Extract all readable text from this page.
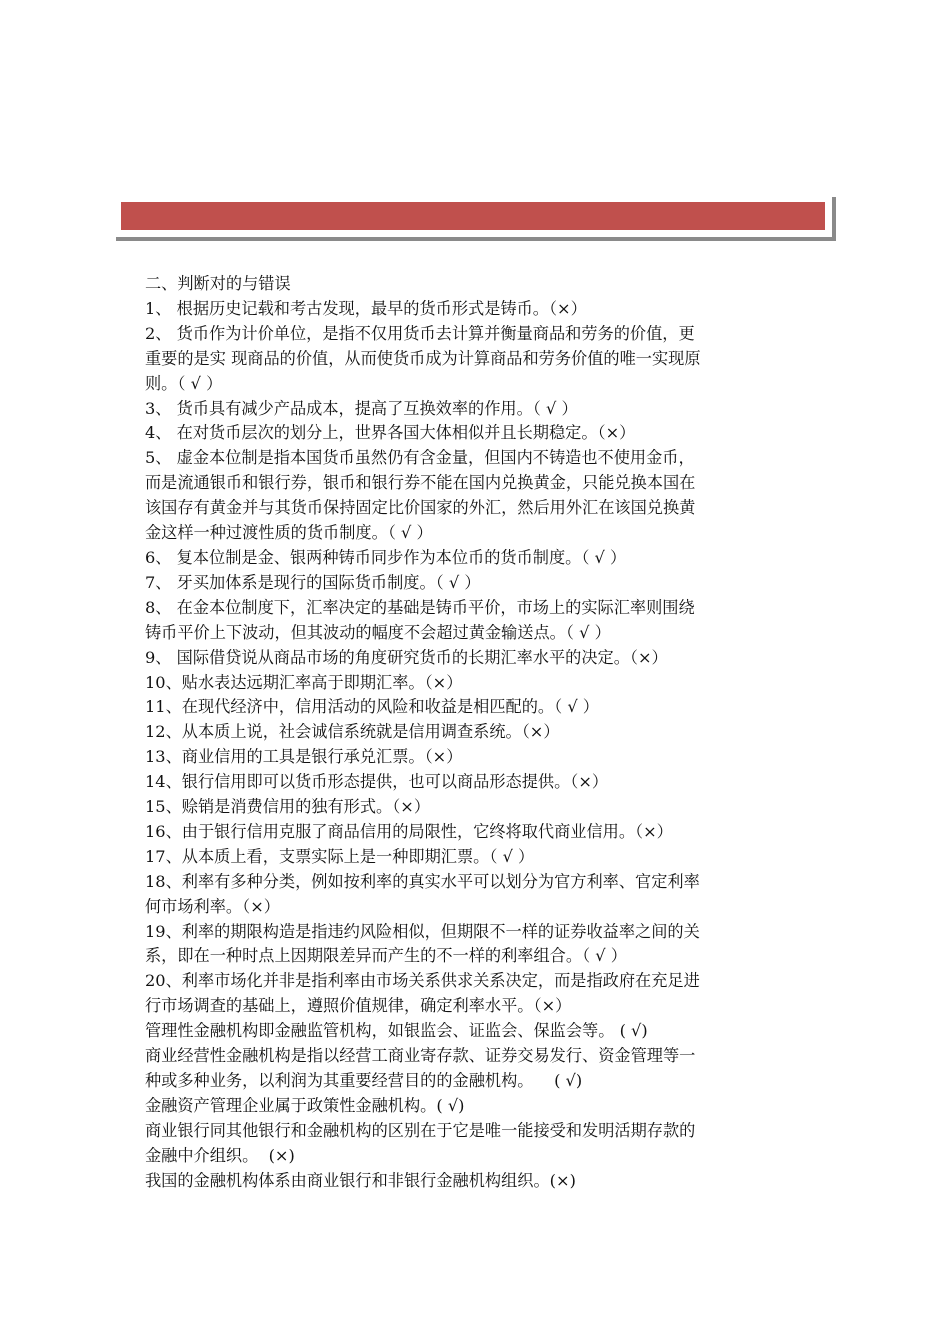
二、判断对的与错误

1、 根据历史记载和考古发现，最早的货币形式是铸币。（×）

2、 货币作为计价单位，是指不仅用货币去计算并衡量商品和劳务的价值，更

重要的是实 现商品的价值，从而使货币成为计算商品和劳务价值的唯一实现原

则。（ √ ）

3、 货币具有减少产品成本，提高了互换效率的作用。（ √ ）

4、 在对货币层次的划分上，世界各国大体相似并且长期稳定。（×）

5、 虚金本位制是指本国货币虽然仍有含金量，但国内不铸造也不使用金币，

而是流通银币和银行券，银币和银行券不能在国内兑换黄金，只能兑换本国在

该国存有黄金并与其货币保持固定比价国家的外汇，然后用外汇在该国兑换黄

金这样一种过渡性质的货币制度。（ √ ）

6、 复本位制是金、银两种铸币同步作为本位币的货币制度。（ √ ）

7、 牙买加体系是现行的国际货币制度。（ √ ）

8、 在金本位制度下，汇率决定的基础是铸币平价，市场上的实际汇率则围绕

铸币平价上下波动，但其波动的幅度不会超过黄金输送点。（ √ ）

9、 国际借贷说从商品市场的角度研究货币的长期汇率水平的决定。（×）

10、贴水表达远期汇率高于即期汇率。（×）

11、在现代经济中，信用活动的风险和收益是相匹配的。（ √ ）

12、从本质上说，社会诚信系统就是信用调查系统。（×）

13、商业信用的工具是银行承兑汇票。（×）

14、银行信用即可以货币形态提供，也可以商品形态提供。（×）

15、赊销是消费信用的独有形式。（×）

16、由于银行信用克服了商品信用的局限性，它终将取代商业信用。（×）

17、从本质上看，支票实际上是一种即期汇票。（ √ ）

18、利率有多种分类，例如按利率的真实水平可以划分为官方利率、官定利率

何市场利率。（×）

19、利率的期限构造是指违约风险相似，但期限不一样的证券收益率之间的关

系，即在一种时点上因期限差异而产生的不一样的利率组合。（ √ ）

20、利率市场化并非是指利率由市场关系供求关系决定，而是指政府在充足进

行市场调查的基础上，遵照价值规律，确定利率水平。（×）

管理性金融机构即金融监管机构，如银监会、证监会、保监会等。 ( √)

商业经营性金融机构是指以经营工商业寄存款、证券交易发行、资金管理等一

种或多种业务，以利润为其重要经营目的的金融机构。    ( √)

金融资产管理企业属于政策性金融机构。( √)

商业银行同其他银行和金融机构的区别在于它是唯一能接受和发明活期存款的

金融中介组织。  (×)

我国的金融机构体系由商业银行和非银行金融机构组织。(×)
